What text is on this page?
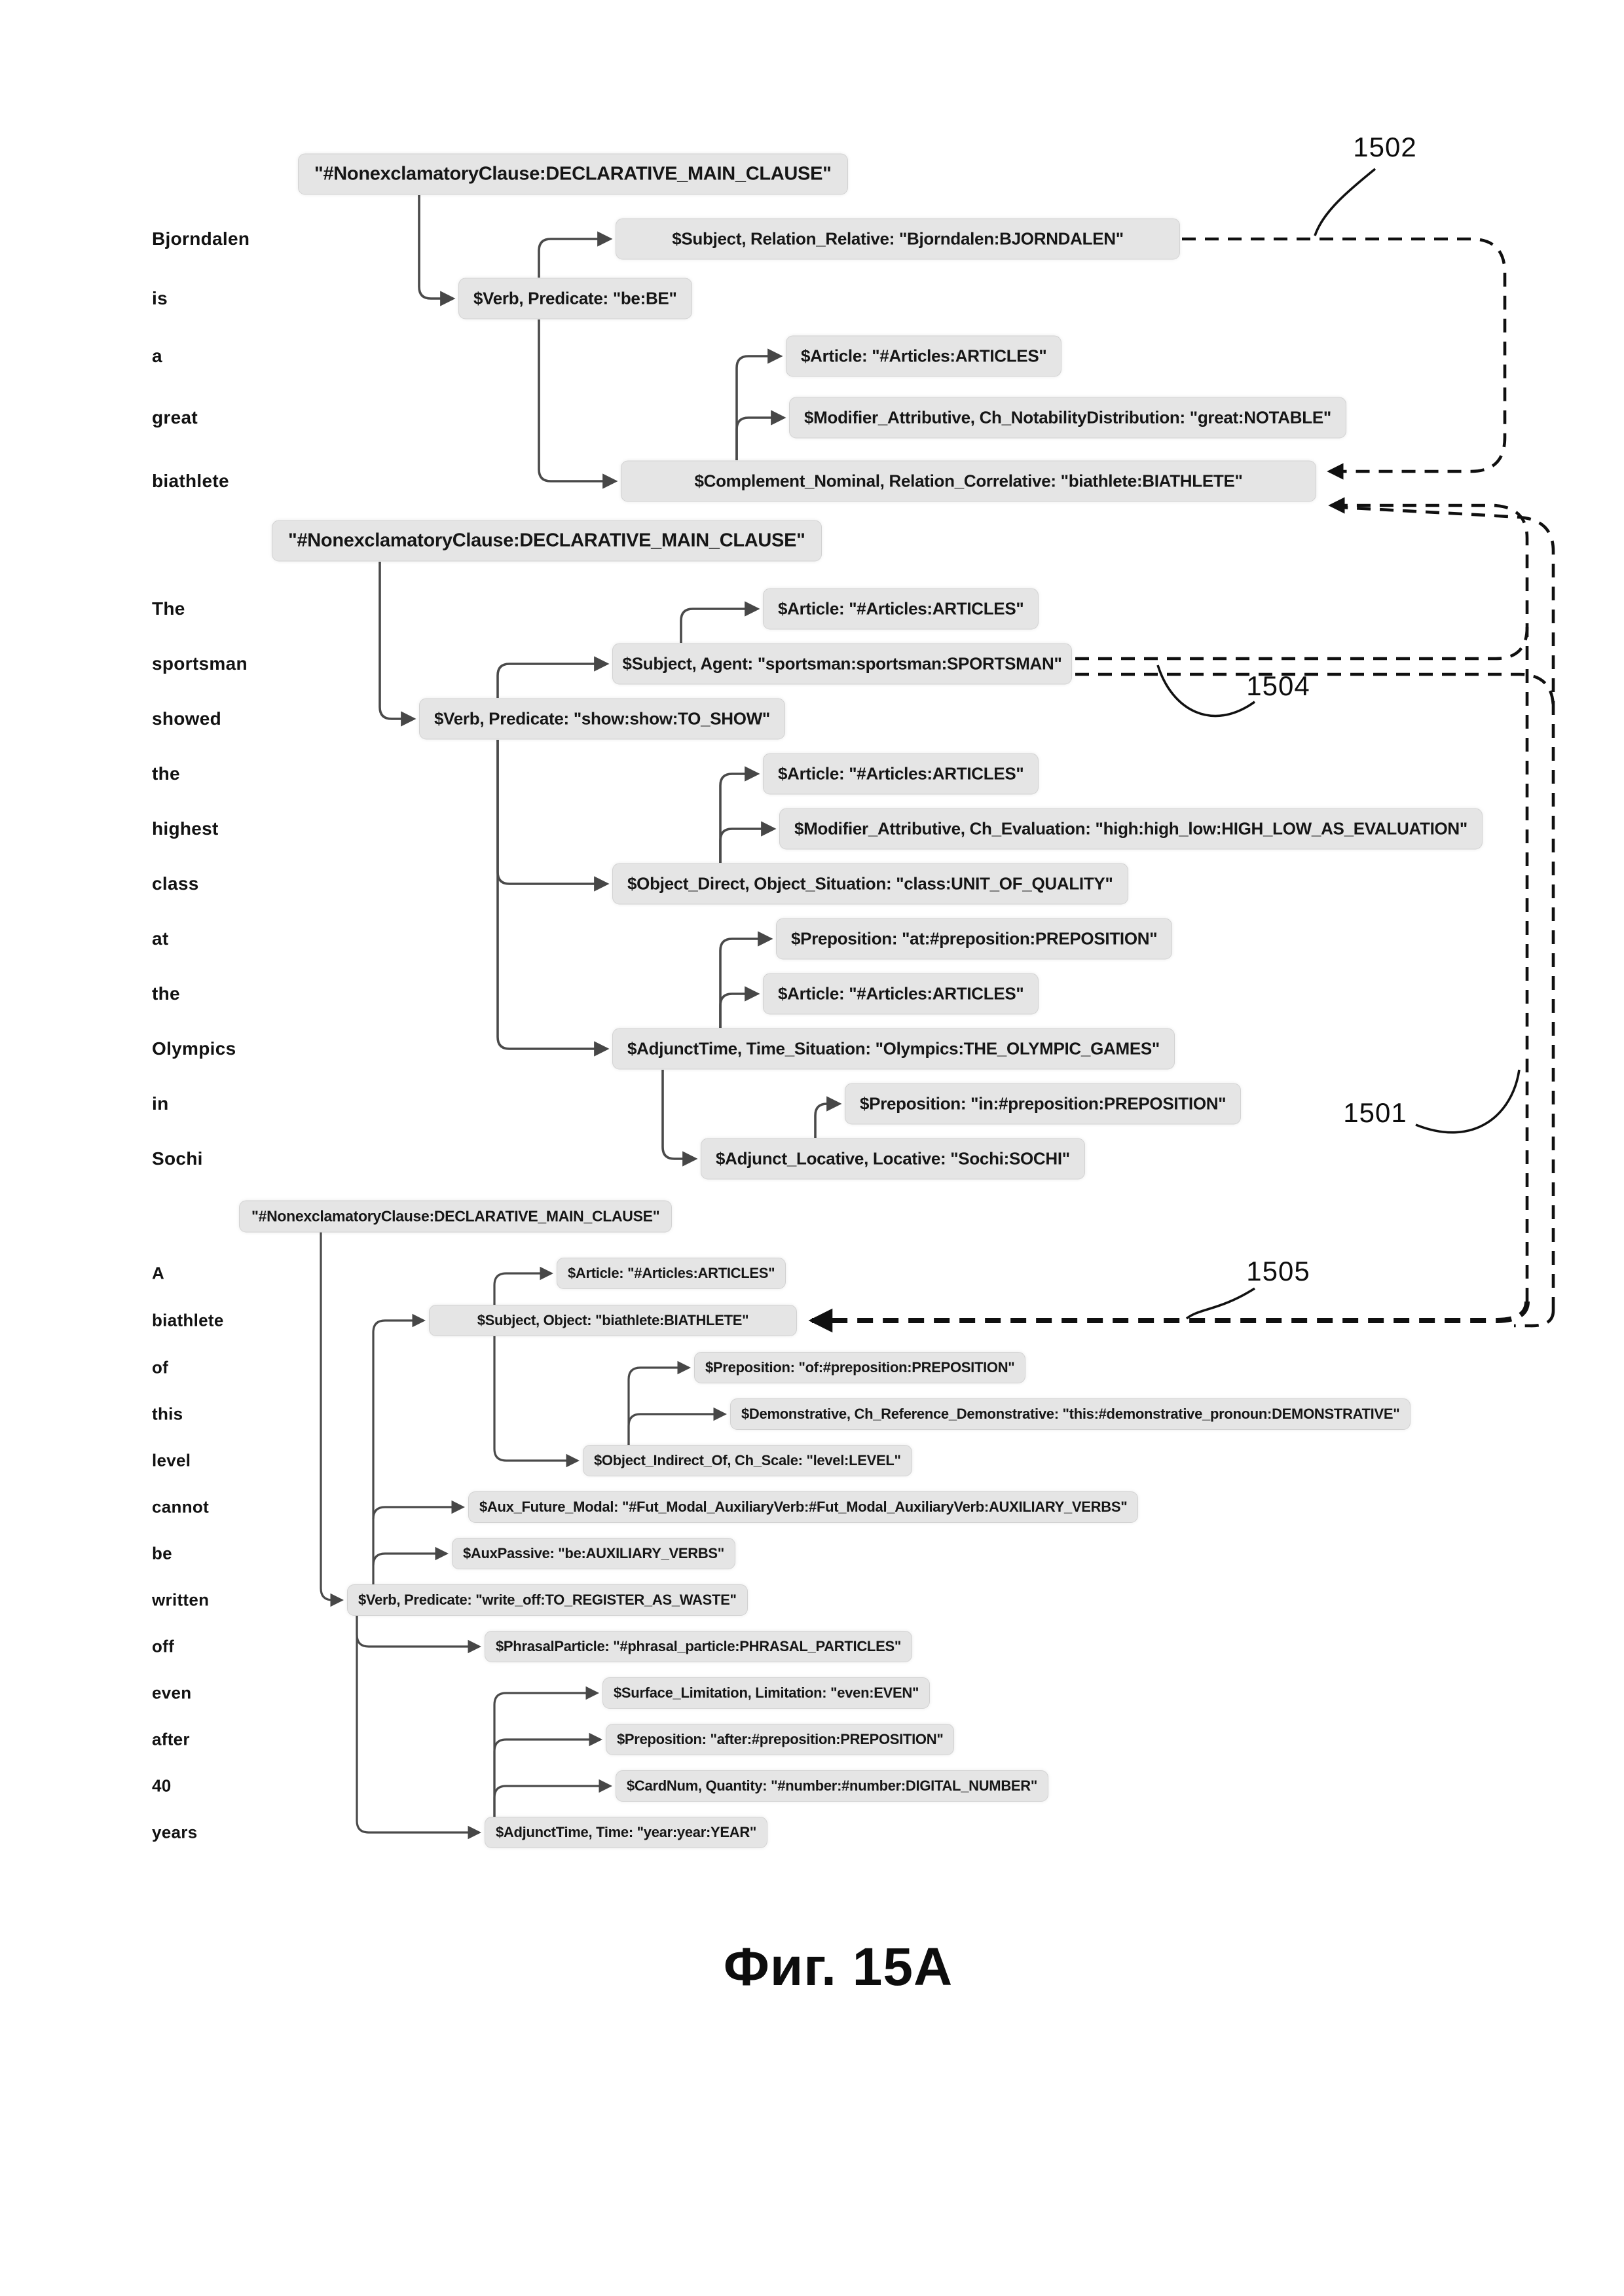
Bjorndalen
is
a
great
biathlete
The
sportsman
showed
the
highest
class
at
the
Olympics
in
Sochi
A
biathlete
of
this
level
cannot
be
written
off
even
after
40
years
"#NonexclamatoryClause:DECLARATIVE_MAIN_CLAUSE"
$Subject, Relation_Relative: "Bjorndalen:BJORNDALEN"
$Verb, Predicate: "be:BE"
$Article: "#Articles:ARTICLES"
$Modifier_Attributive, Ch_NotabilityDistribution: "great:NOTABLE"
$Complement_Nominal, Relation_Correlative: "biathlete:BIATHLETE"
"#NonexclamatoryClause:DECLARATIVE_MAIN_CLAUSE"
$Article: "#Articles:ARTICLES"
$Subject, Agent: "sportsman:sportsman:SPORTSMAN"
$Verb, Predicate: "show:show:TO_SHOW"
$Article: "#Articles:ARTICLES"
$Modifier_Attributive, Ch_Evaluation: "high:high_low:HIGH_LOW_AS_EVALUATION"
$Object_Direct, Object_Situation: "class:UNIT_OF_QUALITY"
$Preposition: "at:#preposition:PREPOSITION"
$Article: "#Articles:ARTICLES"
$AdjunctTime, Time_Situation: "Olympics:THE_OLYMPIC_GAMES"
$Preposition: "in:#preposition:PREPOSITION"
$Adjunct_Locative, Locative: "Sochi:SOCHI"
"#NonexclamatoryClause:DECLARATIVE_MAIN_CLAUSE"
$Article: "#Articles:ARTICLES"
$Subject, Object: "biathlete:BIATHLETE"
$Preposition: "of:#preposition:PREPOSITION"
$Demonstrative, Ch_Reference_Demonstrative: "this:#demonstrative_pronoun:DEMONSTRATIVE"
$Object_Indirect_Of, Ch_Scale: "level:LEVEL"
$Aux_Future_Modal: "#Fut_Modal_AuxiliaryVerb:#Fut_Modal_AuxiliaryVerb:AUXILIARY_VERBS"
$AuxPassive: "be:AUXILIARY_VERBS"
$Verb, Predicate: "write_off:TO_REGISTER_AS_WASTE"
$PhrasalParticle: "#phrasal_particle:PHRASAL_PARTICLES"
$Surface_Limitation, Limitation: "even:EVEN"
$Preposition: "after:#preposition:PREPOSITION"
$CardNum, Quantity: "#number:#number:DIGITAL_NUMBER"
$AdjunctTime, Time: "year:year:YEAR"
1502
1504
1501
1505
Фиг. 15А
